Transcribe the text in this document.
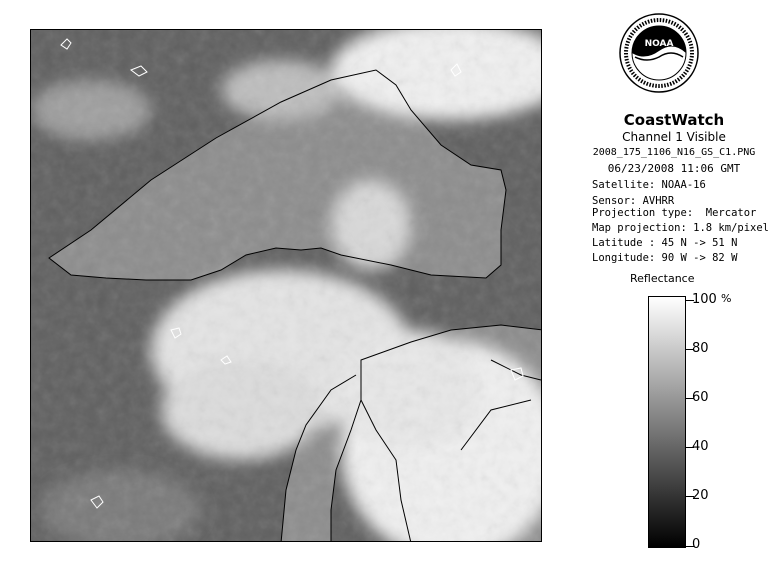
NOAA
CoastWatch
Channel 1 Visible
2008_175_1106_N16_GS_C1.PNG
06/23/2008 11:06 GMT
Satellite: NOAA-16
Sensor: AVHRR
Projection type:  Mercator
Map projection: 1.8 km/pixel
Latitude : 45 N -> 51 N
Longitude: 90 W -> 82 W
Reflectance
%
100
80
60
40
20
0
